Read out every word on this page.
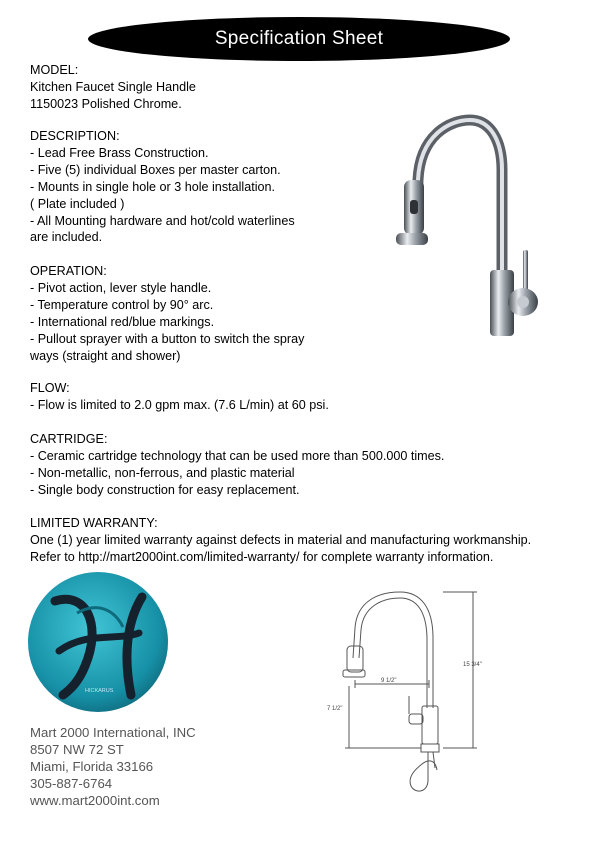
Specification Sheet
MODEL:
Kitchen Faucet Single Handle
1150023 Polished Chrome.
DESCRIPTION:
- Lead Free Brass Construction.
- Five (5) individual Boxes per master carton.
- Mounts in single hole or 3 hole installation.
( Plate included )
- All Mounting hardware and hot/cold waterlines
are included.
OPERATION:
- Pivot action, lever style handle.
- Temperature control by 90° arc.
- International red/blue markings.
- Pullout sprayer with a button to switch the spray
ways (straight and shower)
FLOW:
- Flow is limited to 2.0 gpm max. (7.6 L/min) at 60 psi.
CARTRIDGE:
- Ceramic cartridge technology that can be used more than 500.000 times.
- Non-metallic, non-ferrous, and plastic material
- Single body construction for easy replacement.
LIMITED WARRANTY:
One (1) year limited warranty against defects in material and manufacturing workmanship.
Refer to http://mart2000int.com/limited-warranty/ for complete warranty information.
HICKARUS
15 3/4"
9 1/2"
7 1/2"
Mart 2000 International, INC
8507 NW 72 ST
Miami, Florida 33166
305-887-6764
www.mart2000int.com
